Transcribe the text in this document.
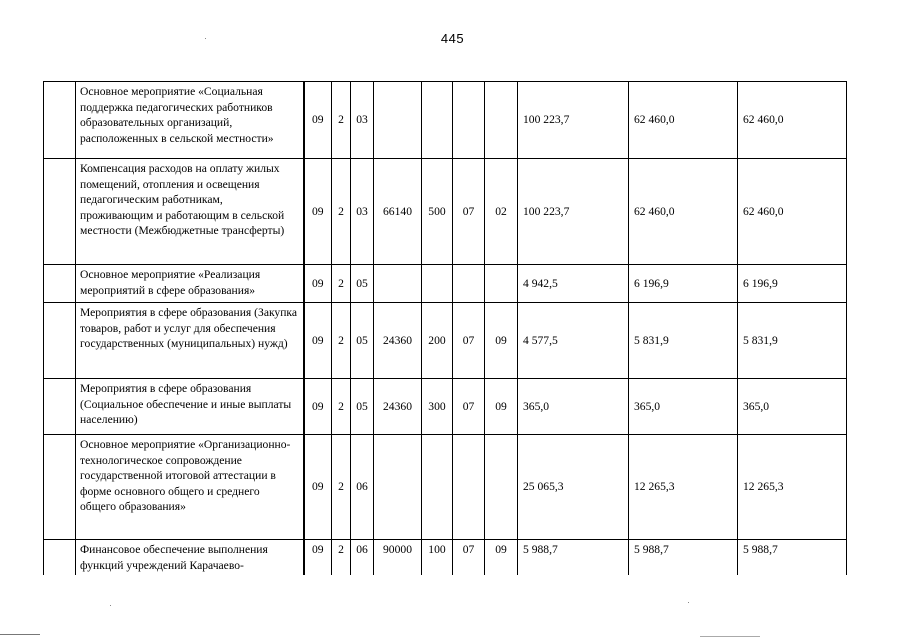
445

	Основное мероприятие «Социальная поддержка педагогических работников образовательных организаций, расположенных в сельской местности»	09	2	03					100 223,7	62 460,0	62 460,0

	Компенсация расходов на оплату жилых помещений, отопления и освещения педагогическим работникам, проживающим и работающим в сельской местности (Межбюджетные трансферты)	09	2	03	66140	500	07	02	100 223,7	62 460,0	62 460,0

	Основное мероприятие «Реализация мероприятий в сфере образования»	09	2	05					4 942,5	6 196,9	6 196,9

	Мероприятия в сфере образования (Закупка товаров, работ и услуг для обеспечения государственных (муниципальных) нужд)	09	2	05	24360	200	07	09	4 577,5	5 831,9	5 831,9

	Мероприятия в сфере образования (Социальное обеспечение и иные выплаты населению)	09	2	05	24360	300	07	09	365,0	365,0	365,0

	Основное мероприятие «Организационно-технологическое сопровождение государственной итоговой аттестации в форме основного общего и среднего общего образования»	09	2	06					25 065,3	12 265,3	12 265,3

	Финансовое обеспечение выполнения функций учреждений Карачаево-	09	2	06	90000	100	07	09	5 988,7	5 988,7	5 988,7
